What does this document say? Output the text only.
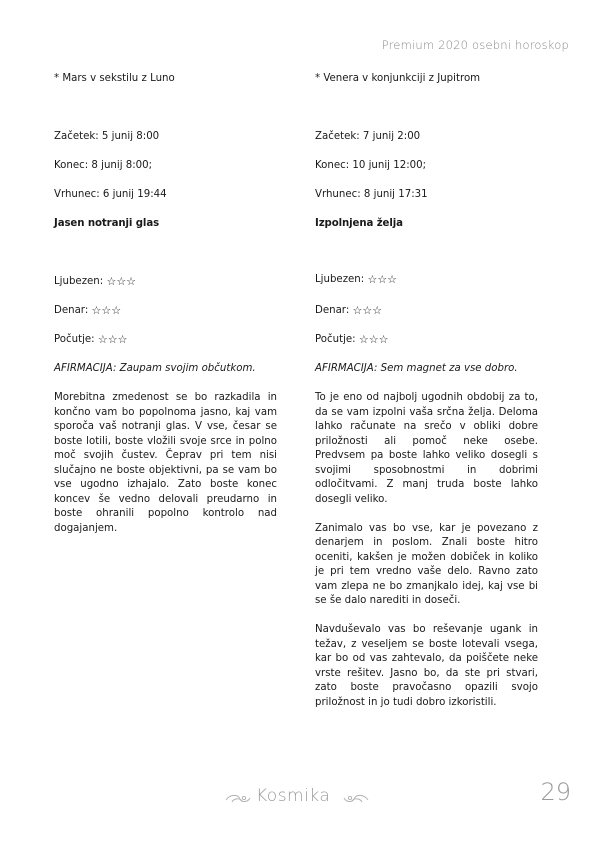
Premium 2020 osebni horoskop

* Mars v sekstilu z Luno

Začetek: 5 junij 8:00

Konec: 8 junij 8:00;

Vrhunec: 6 junij 19:44

Jasen notranji glas

Ljubezen: ☆☆☆

Denar: ☆☆☆

Počutje: ☆☆☆

AFIRMACIJA: Zaupam svojim občutkom.

Morebitna zmedenost se bo razkadila in končno vam bo popolnoma jasno, kaj vam sporoča vaš notranji glas. V vse, česar se boste lotili, boste vložili svoje srce in polno moč svojih čustev. Čeprav pri tem nisi slučajno ne boste objektivni, pa se vam bo vse ugodno izhajalo. Zato boste konec koncev še vedno delovali preudarno in boste ohranili popolno kontrolo nad dogajanjem.

* Venera v konjunkciji z Jupitrom

Začetek: 7 junij 2:00

Konec: 10 junij 12:00;

Vrhunec: 8 junij 17:31

Izpolnjena želja

Ljubezen: ☆☆☆

Denar: ☆☆☆

Počutje: ☆☆☆

AFIRMACIJA: Sem magnet za vse dobro.

To je eno od najbolj ugodnih obdobij za to, da se vam izpolni vaša srčna želja. Deloma lahko računate na srečo v obliki dobre priložnosti ali pomoč neke osebe. Predvsem pa boste lahko veliko dosegli s svojimi sposobnostmi in dobrimi odločitvami. Z manj truda boste lahko dosegli veliko.

Zanimalo vas bo vse, kar je povezano z denarjem in poslom. Znali boste hitro oceniti, kakšen je možen dobiček in koliko je pri tem vredno vaše delo. Ravno zato vam zlepa ne bo zmanjkalo idej, kaj vse bi se še dalo narediti in doseči.

Navduševalo vas bo reševanje ugank in težav, z veseljem se boste lotevali vsega, kar bo od vas zahtevalo, da poiščete neke vrste rešitev. Jasno bo, da ste pri stvari, zato boste pravočasno opazili svojo priložnost in jo tudi dobro izkoristili.

Kosmika	29
